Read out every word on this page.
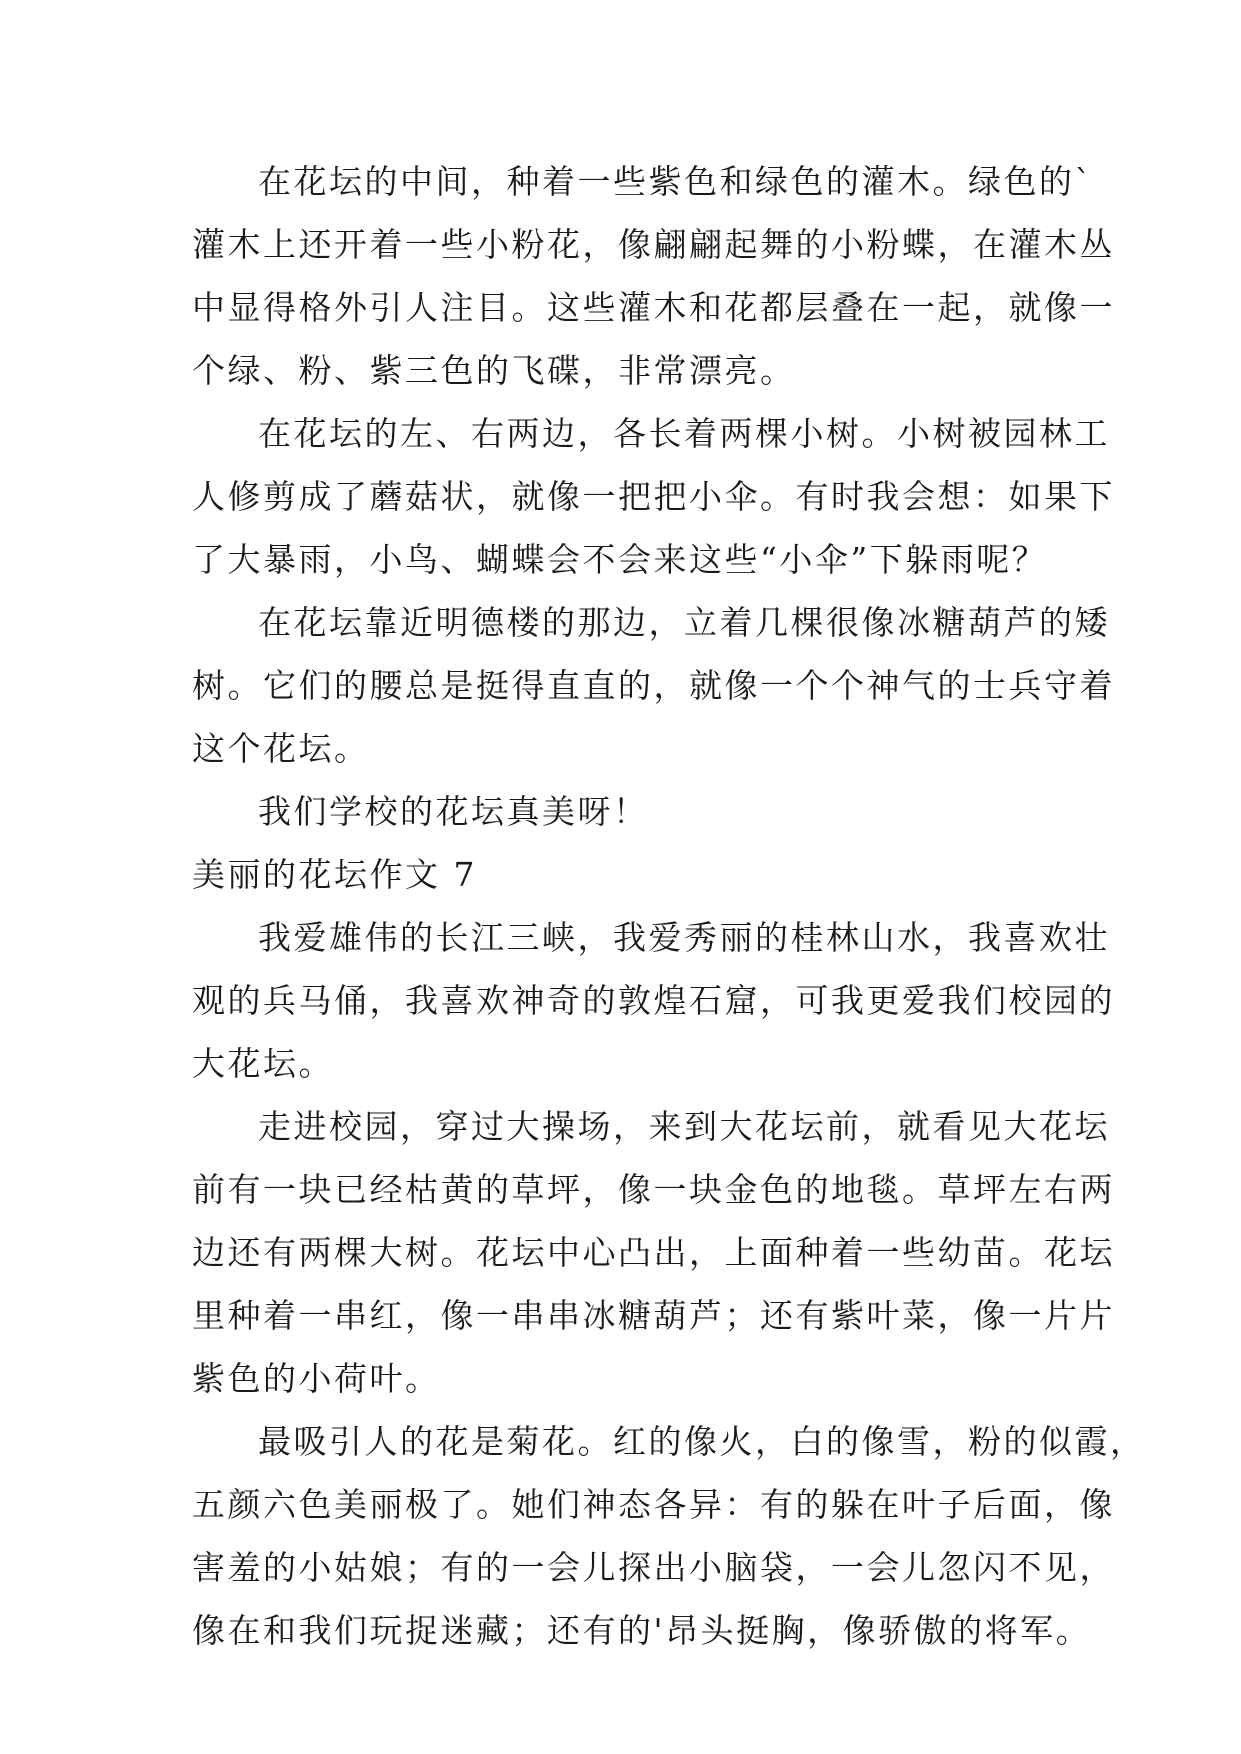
在花坛的中间，种着一些紫色和绿色的灌木。绿色的`
灌木上还开着一些小粉花，像翩翩起舞的小粉蝶，在灌木丛
中显得格外引人注目。这些灌木和花都层叠在一起，就像一
个绿、粉、紫三色的飞碟，非常漂亮。
在花坛的左、右两边，各长着两棵小树。小树被园林工
人修剪成了蘑菇状，就像一把把小伞。有时我会想：如果下
了大暴雨，小鸟、蝴蝶会不会来这些“小伞”下躲雨呢？
在花坛靠近明德楼的那边，立着几棵很像冰糖葫芦的矮
树。它们的腰总是挺得直直的，就像一个个神气的士兵守着
这个花坛。
我们学校的花坛真美呀！
美丽的花坛作文 7
我爱雄伟的长江三峡，我爱秀丽的桂林山水，我喜欢壮
观的兵马俑，我喜欢神奇的敦煌石窟，可我更爱我们校园的
大花坛。
走进校园，穿过大操场，来到大花坛前，就看见大花坛
前有一块已经枯黄的草坪，像一块金色的地毯。草坪左右两
边还有两棵大树。花坛中心凸出，上面种着一些幼苗。花坛
里种着一串红，像一串串冰糖葫芦；还有紫叶菜，像一片片
紫色的小荷叶。
最吸引人的花是菊花。红的像火，白的像雪，粉的似霞，
五颜六色美丽极了。她们神态各异：有的躲在叶子后面，像
害羞的小姑娘；有的一会儿探出小脑袋，一会儿忽闪不见，
像在和我们玩捉迷藏；还有的'昂头挺胸，像骄傲的将军。
